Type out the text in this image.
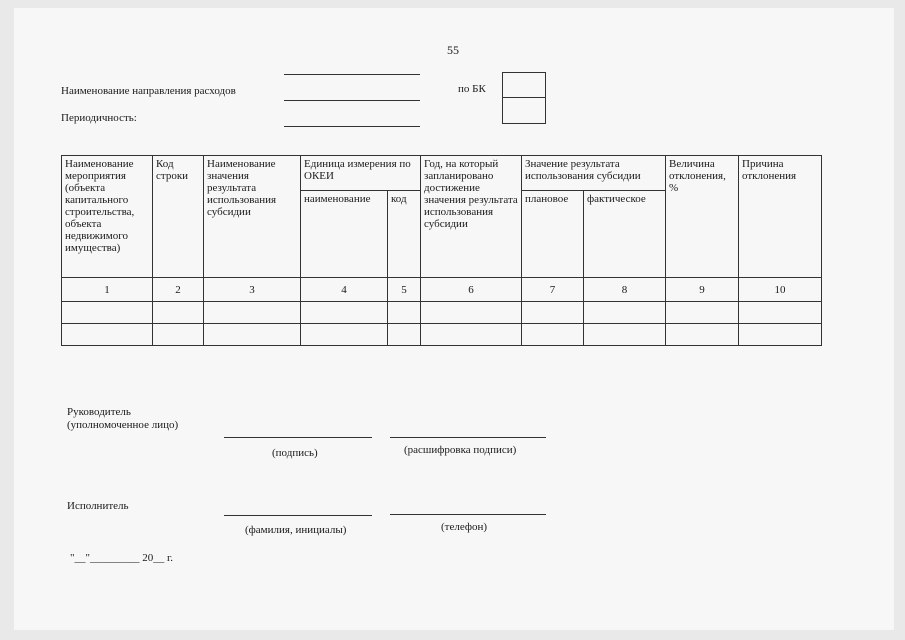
55
Наименование направления расходов	по БК
Периодичность:
Наименование мероприятия (объекта капитального строительства, объекта недвижимого имущества)	Код строки	Наименование значения результата использования субсидии	Единица измерения по ОКЕИ		Год, на который запланировано достижение значения результата использования субсидии	Значение результата использования субсидии		Величина отклонения, %	Причина отклонения
			наименование	код		плановое	фактическое		
1	2	3	4	5	6	7	8	9	10

Руководитель
(уполномоченное лицо)
(подпись)	(расшифровка подписи)
Исполнитель
(фамилия, инициалы)	(телефон)
"__"_________ 20__ г.
